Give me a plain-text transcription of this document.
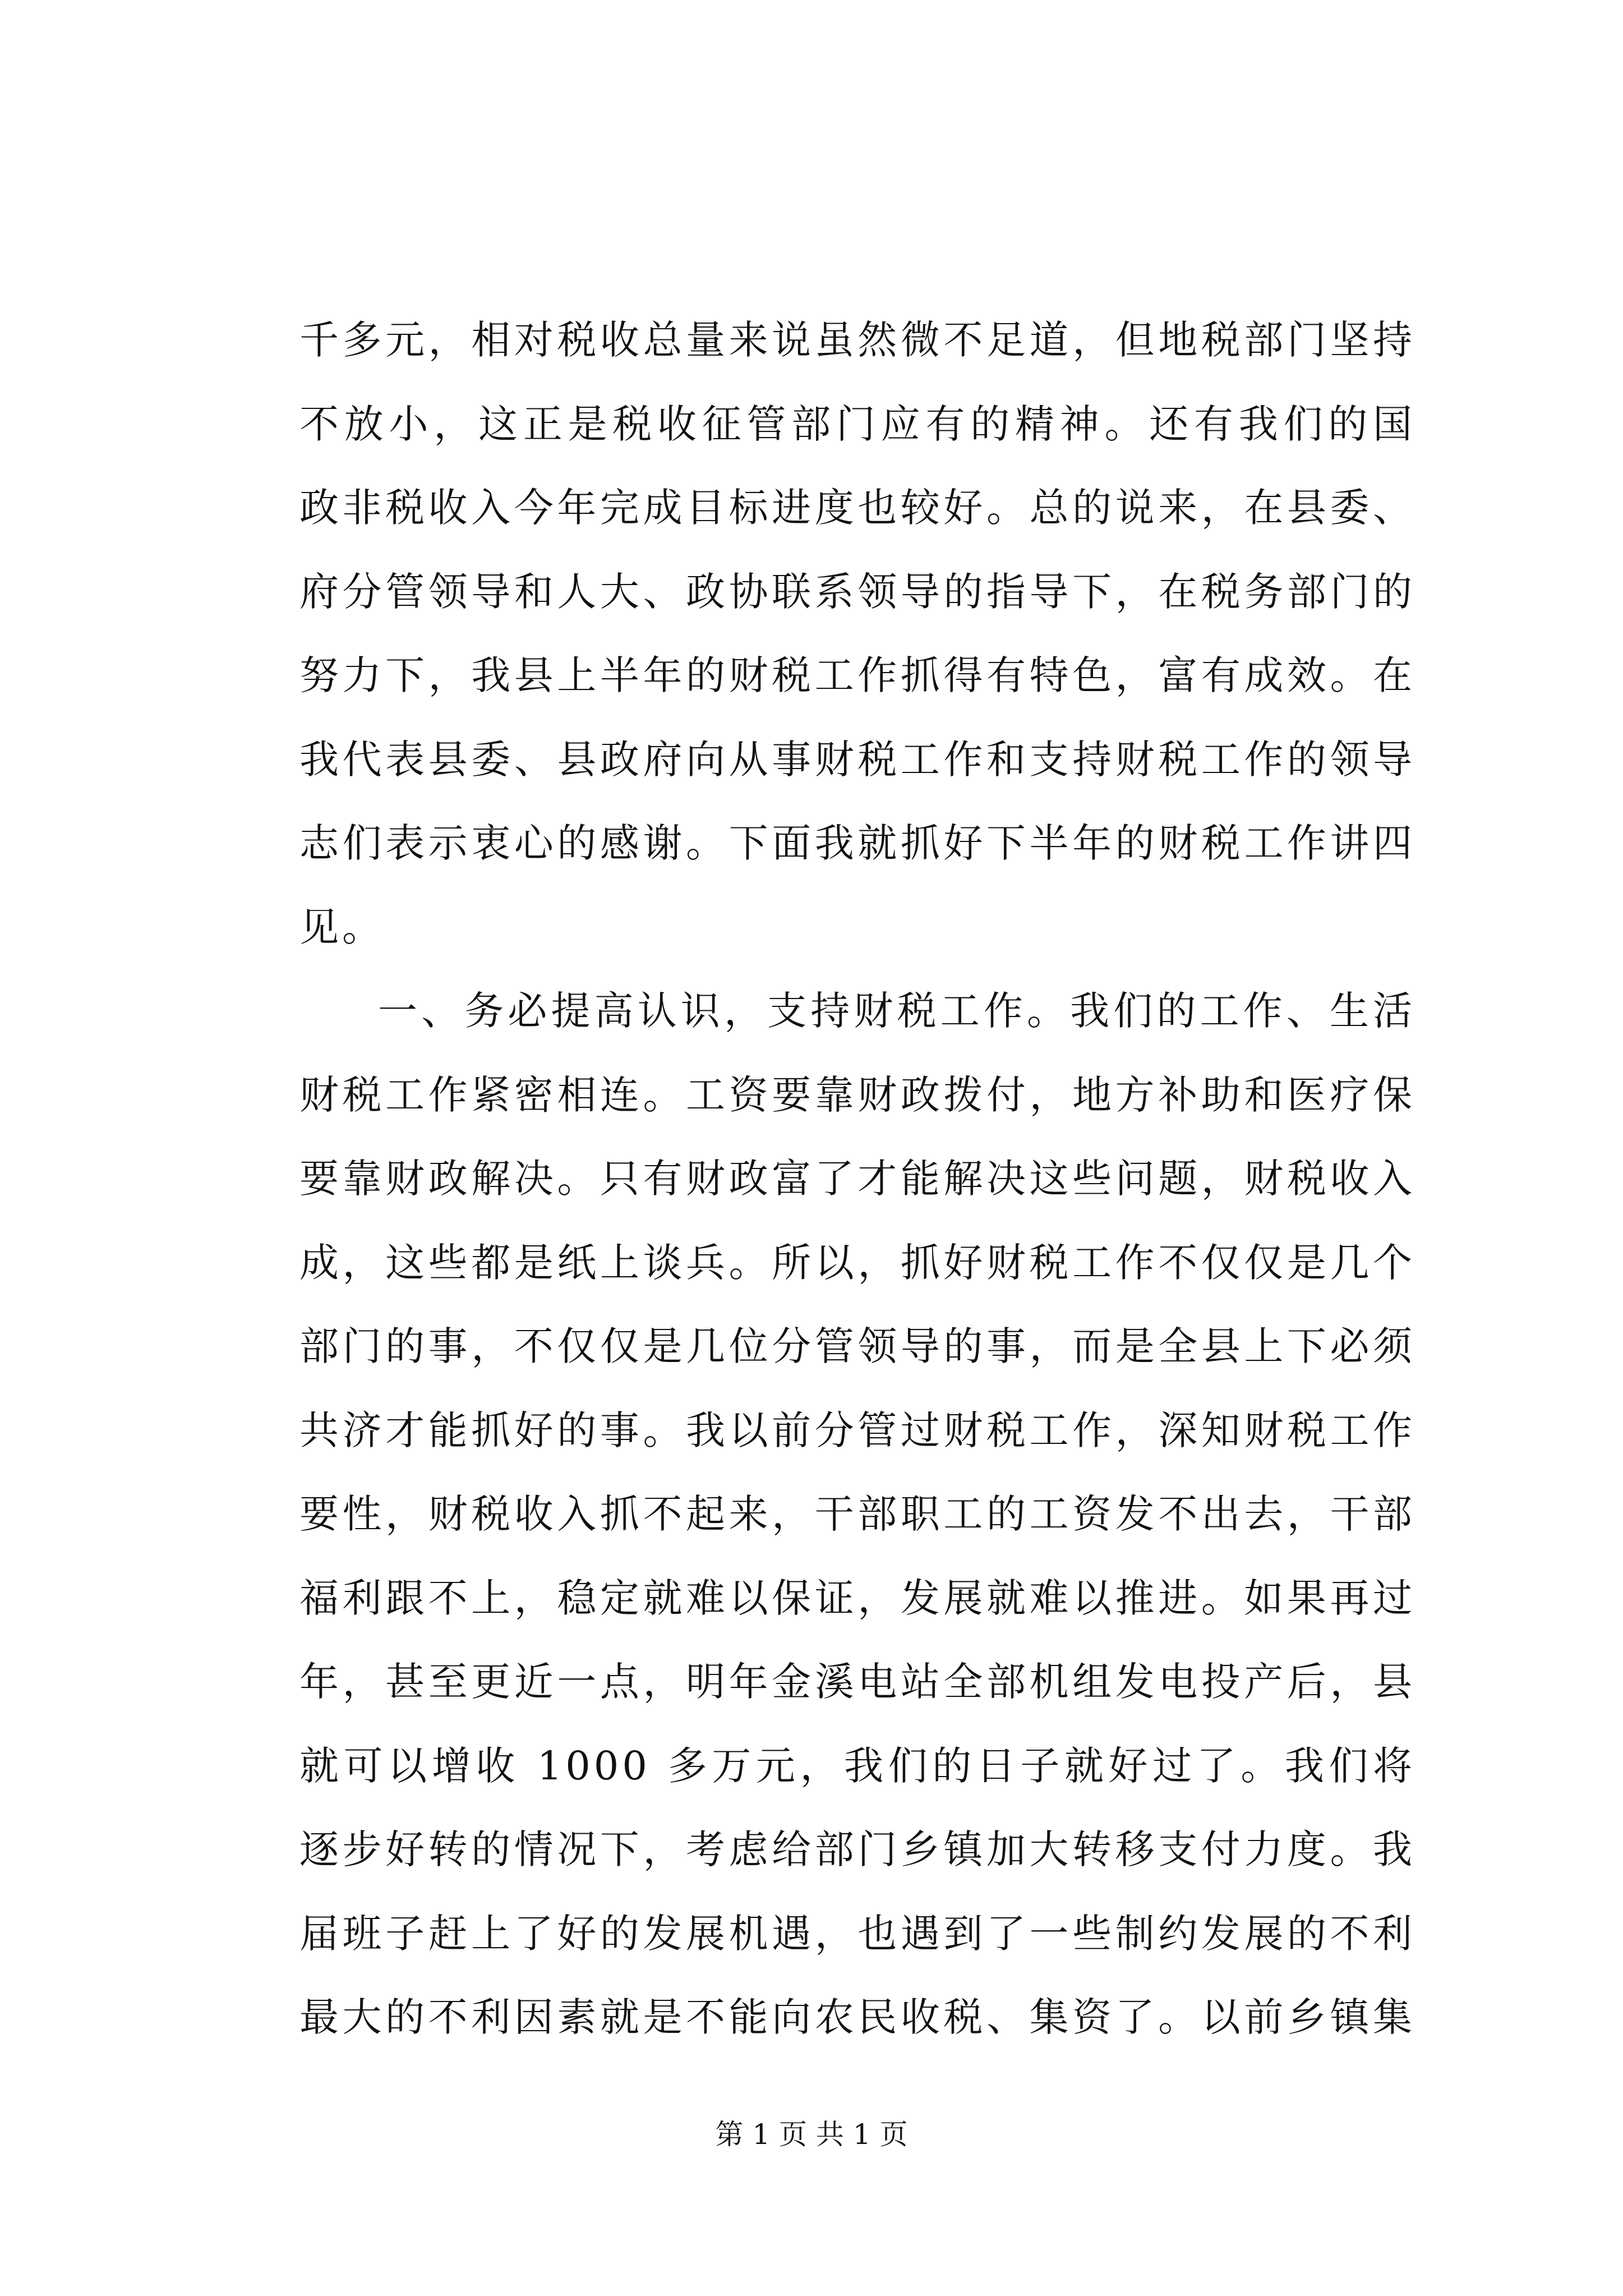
千多元，相对税收总量来说虽然微不足道，但地税部门坚持
不放小，这正是税收征管部门应有的精神。还有我们的国
政非税收入今年完成目标进度也较好。总的说来，在县委、
府分管领导和人大、政协联系领导的指导下，在税务部门的
努力下，我县上半年的财税工作抓得有特色，富有成效。在
我代表县委、县政府向从事财税工作和支持财税工作的领导
志们表示衷心的感谢。下面我就抓好下半年的财税工作讲四
见。
一、务必提高认识，支持财税工作。我们的工作、生活
财税工作紧密相连。工资要靠财政拨付，地方补助和医疗保
要靠财政解决。只有财政富了才能解决这些问题，财税收入
成，这些都是纸上谈兵。所以，抓好财税工作不仅仅是几个
部门的事，不仅仅是几位分管领导的事，而是全县上下必须
共济才能抓好的事。我以前分管过财税工作，深知财税工作
要性，财税收入抓不起来，干部职工的工资发不出去，干部
福利跟不上，稳定就难以保证，发展就难以推进。如果再过
年，甚至更近一点，明年金溪电站全部机组发电投产后，县
就可以增收 1000 多万元，我们的日子就好过了。我们将
逐步好转的情况下，考虑给部门乡镇加大转移支付力度。我
届班子赶上了好的发展机遇，也遇到了一些制约发展的不利
最大的不利因素就是不能向农民收税、集资了。以前乡镇集
第 1 页 共 1 页
